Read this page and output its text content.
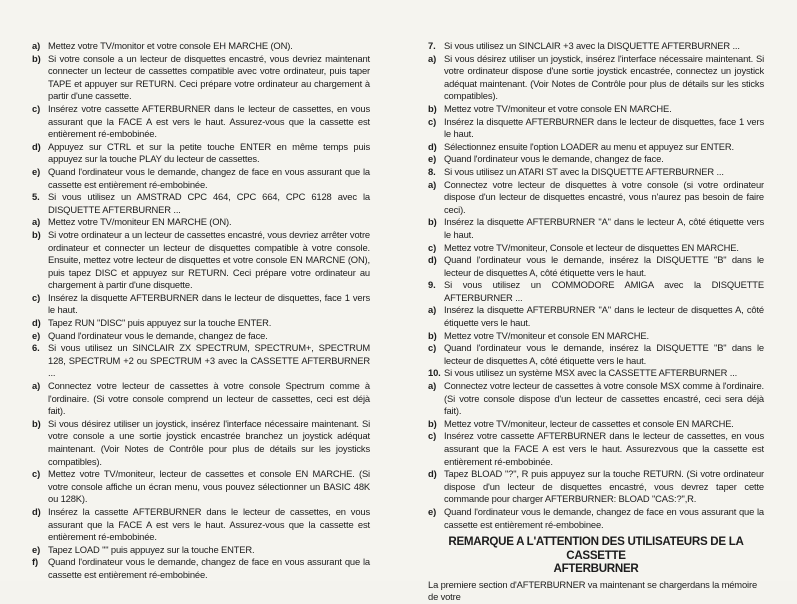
a) Mettez votre TV/monitor et votre console EH MARCHE (ON).
b) Si votre console a un lecteur de disquettes encastré, vous devriez maintenant connecter un lecteur de cassettes compatible avec votre ordinateur, puis taper TAPE et appuyer sur RETURN. Ceci prépare votre ordinateur au chargement à partir d'une cassette.
c) Insérez votre cassette AFTERBURNER dans le lecteur de cassettes, en vous assurant que la FACE A est vers le haut. Assurez-vous que la cassette est entièrement ré-embobinée.
d) Appuyez sur CTRL et sur la petite touche ENTER en même temps puis appuyez sur la touche PLAY du lecteur de cassettes.
e) Quand l'ordinateur vous le demande, changez de face en vous assurant que la cassette est entièrement ré-embobinée.
5. Si vous utilisez un AMSTRAD CPC 464, CPC 664, CPC 6128 avec la DISQUETTE AFTERBURNER ...
a) Mettez votre TV/moniteur EN MARCHE (ON).
b) Si votre ordinateur a un lecteur de cassettes encastré, vous devriez arrêter votre ordinateur et connecter un lecteur de disquettes compatible à votre console. Ensuite, mettez votre lecteur de disquettes et votre console EN MARCNE (ON), puis tapez DISC et appuyez sur RETURN. Ceci prépare votre ordinateur au chargement à partir d'une disquette.
c) Insérez la disquette AFTERBURNER dans le lecteur de disquettes, face 1 vers le haut.
d) Tapez RUN "DISC" puis appuyez sur la touche ENTER.
e) Quand l'ordinateur vous le demande, changez de face.
6. Si vous utilisez un SINCLAIR ZX SPECTRUM, SPECTRUM+, SPECTRUM 128, SPECTRUM +2 ou SPECTRUM +3 avec la CASSETTE AFTERBURNER ...
a) Connectez votre lecteur de cassettes à votre console Spectrum comme à l'ordinaire. (Si votre console comprend un lecteur de cassettes, ceci est déjà fait).
b) Si vous désirez utiliser un joystick, insérez l'interface nécessaire maintenant. Si votre console a une sortie joystick encastrée branchez un joystick adéquat maintenant. (Voir Notes de Contrôle pour plus de détails sur les joysticks compatibles).
c) Mettez votre TV/moniteur, lecteur de cassettes et console EN MARCHE. (Si votre console affiche un écran menu, vous pouvez sélectionner un BASIC 48K ou 128K).
d) Insérez la cassette AFTERBURNER dans le lecteur de cassettes, en vous assurant que la FACE A est vers le haut. Assurez-vous que la cassette est entièrement ré-embobinée.
e) Tapez LOAD "" puis appuyez sur la touche ENTER.
f)	Quand l'ordinateur vous le demande, changez de face en vous assurant que la cassette est entièrement ré-embobinée.
7. Si vous utilisez un SINCLAIR +3 avec la DISQUETTE AFTERBURNER ...
a) Si vous désirez utiliser un joystick, insérez l'interface nécessaire maintenant. Si votre ordinateur dispose d'une sortie joystick encastrée, connectez un joystick adéquat maintenant. (Voir Notes de Contrôle pour plus de détails sur les sticks compatibles).
b) Mettez votre TV/moniteur et votre console EN MARCHE.
c) Insérez la disquette AFTERBURNER dans le lecteur de disquettes, face 1 vers le haut.
d) Sélectionnez ensuite l'option LOADER au menu et appuyez sur ENTER.
e) Quand l'ordinateur vous le demande, changez de face.
8. Si vous utilisez un ATARI ST avec la DISQUETTE AFTERBURNER ...
a) Connectez votre lecteur de disquettes à votre console (si votre ordinateur dispose d'un lecteur de disquettes encastré, vous n'aurez pas besoin de faire ceci).
b) Insérez la disquette AFTERBURNER "A" dans le lecteur A, côté étiquette vers le haut.
c) Mettez votre TV/moniteur, Console et lecteur de disquettes EN MARCHE.
d) Quand l'ordinateur vous le demande, insérez la DISQUETTE "B" dans le lecteur de disquettes A, côté étiquette vers le haut.
9. Si vous utilisez un COMMODORE AMIGA avec la DISQUETTE AFTERBURNER ...
a) Insérez la disquette AFTERBURNER "A" dans le lecteur de disquettes A, côté étiquette vers le haut.
b) Mettez votre TV/moniteur et console EN MARCHE.
c) Quand l'ordinateur vous le demande, insérez la DISQUETTE "B" dans le lecteur de disquettes A, côté étiquette vers le haut.
10. Si vous utilisez un système MSX avec la CASSETTE AFTERBURNER ...
a) Connectez votre lecteur de cassettes à votre console MSX comme à l'ordinaire. (Si votre console dispose d'un lecteur de cassettes encastré, ceci sera déjà fait).
b) Mettez votre TV/moniteur, lecteur de cassettes et console EN MARCHE.
c) Insérez votre cassette AFTERBURNER dans le lecteur de cassettes, en vous assurant que la FACE A est vers le haut. Assurezvous que la cassette est entièrement ré-embobinée.
d) Tapez BLOAD "?", R puis appuyez sur la touche RETURN. (Si votre ordinateur dispose d'un lecteur de disquettes encastré, vous devrez taper cette commande pour charger AFTERBURNER: BLOAD "CAS:?",R.
e) Quand l'ordinateur vous le demande, changez de face en vous assurant que la cassette est entièrement ré-embobinee.
REMARQUE A L'ATTENTION DES UTILISATEURS DE LA CASSETTE
AFTERBURNER
La premiere section d'AFTERBURNER va maintenant se chargerdans la mémoire de votre
